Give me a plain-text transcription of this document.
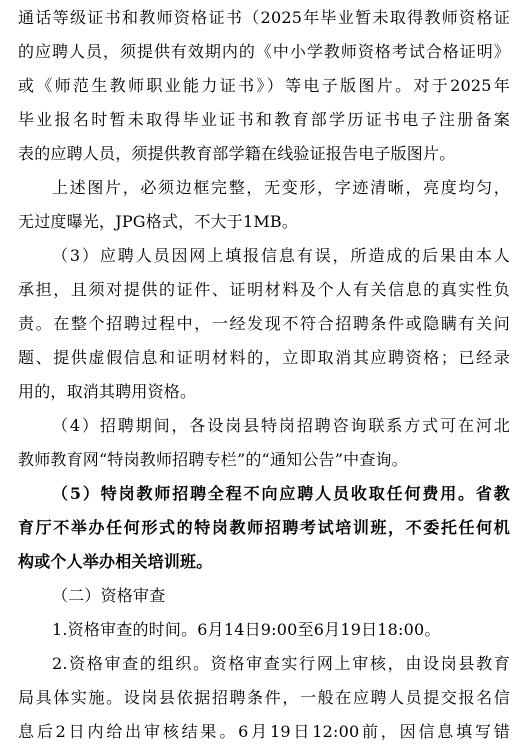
通话等级证书和教师资格证书（2025年毕业暂未取得教师资格证
的应聘人员，须提供有效期内的《中小学教师资格考试合格证明》
或《师范生教师职业能力证书》）等电子版图片。对于2025年
毕业报名时暂未取得毕业证书和教育部学历证书电子注册备案
表的应聘人员，须提供教育部学籍在线验证报告电子版图片。
上述图片，必须边框完整，无变形，字迹清晰，亮度均匀，
无过度曝光，JPG格式，不大于1MB。
（3）应聘人员因网上填报信息有误，所造成的后果由本人
承担，且须对提供的证件、证明材料及个人有关信息的真实性负
责。在整个招聘过程中，一经发现不符合招聘条件或隐瞒有关问
题、提供虚假信息和证明材料的，立即取消其应聘资格；已经录
用的，取消其聘用资格。
（4）招聘期间，各设岗县特岗招聘咨询联系方式可在河北
教师教育网“特岗教师招聘专栏”的“通知公告”中查询。
（5）特岗教师招聘全程不向应聘人员收取任何费用。省教
育厅不举办任何形式的特岗教师招聘考试培训班，不委托任何机
构或个人举办相关培训班。
（二）资格审查
1.资格审查的时间。6月14日9:00至6月19日18:00。
2.资格审查的组织。资格审查实行网上审核，由设岗县教育
局具体实施。设岗县依据招聘条件，一般在应聘人员提交报名信
息后2日内给出审核结果。6月19日12:00前，因信息填写错
